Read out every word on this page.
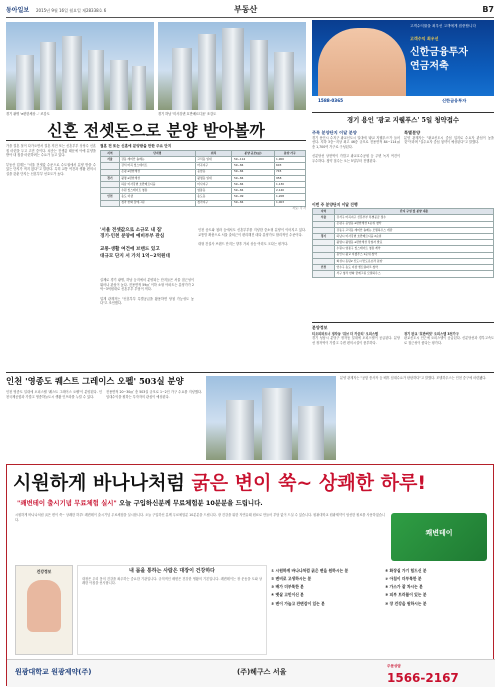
동아일보 2015년 9월 16일 월요일 제28338호 6	부동산	B7
경기 광명 'e편한세상 ..' 조감도	경기 하남 '미사강변 호반베르디움' 조감도
고객수익률을 최우선 고객에게 집중합니다
고객수익 최우선
신한금융투자
연금저축
1588-0365	신한금융투자
신혼 전셋돈으로 분양 받아볼까
가을 결혼 철이 다가오면서 결혼 직전 또는 신혼부부 상당수 신혼집 마련을 두고 고민 중이다. 치솟는 전셋값 때문에 아예 분양을 받아 내 집을 마련하려는 수요가 늘고 있다.

부동산 업계는 "서울 전셋값 수준으로 수도권에서 분양 받을 수 있는 단지가 적지 않다"고 말한다. 특히 교통 여건과 생활 편의시설을 갖춘 단지는 신혼부부 선호도가 높다.
결혼 전 또는 신혼에 분양받을 만한 주요 단지
지역	단지명	위치	분양 규모(㎡)	분양 가구
서울	강동 래미안 솔베뉴	고덕동 일대	59~114	1,900
	강서 마곡 힐스테이트	마곡지구	59~84	603
	은평 e편한세상	응암동	59~84	745
경기	광명 e편한세상	광명동 일대	59~84	958
	하남 미사강변 호반베르디움	미사지구	59~84	1,130
	수원 힐스테이트 영통	영통동	59~84	2,140
인천	송도 더샵	송도동	59~99	1,208
	청라 한화 꿈에그린	청라지구	59~84	1,003
자료: 각 사
'서울 전셋값으로 소규모 내 집'
경기·인천 분양에 예비부부 관심

교통·생활 여건에 브랜드 있고
대규모 단지 서 가치 1억~2억원대
인천 송도와 청라 등에서도 신혼부부를 겨냥한 중소형 분양이 이어지고 있다. 교통망 확충으로 서울 출퇴근이 편리해진 데다 분양가도 합리적인 수준이다.

대형 건설사 브랜드 단지는 향후 가치 상승 여력도 크다는 평가다.
실제로 경기 광명, 하남 등지에서 분양되는 단지들은 서울 접근성이 뛰어나 관심이 높다. 전용면적 59㎡ 이하 소형 아파트는 분양가가 2억~3억원대로 신혼부부 부담이 적다.

업계 관계자는 "신혼부부 특별공급을 활용하면 당첨 가능성도 높다"고 조언했다.
경기 용인 '광교 지웰푸스' 5일 청약접수
주목 분양단지 이달 분양
경기 용인시 수지구 광교신도시 일대에 '광교 지웰푸스'가 들어선다. 지하 3층~지상 최고 46층 규모로 전용면적 84~114㎡ 총 1,700여 가구로 구성된다.

신분당선 상현역이 가깝고 광교호수공원 등 주변 녹지 여건이 우수하다. 청약 접수는 오는 5일부터 진행된다.
특별분양
분양 관계자는 "광교신도시 중심 입지로 수요자 관심이 높을 것"이라며 "실수요자 중심 청약이 예상된다"고 말했다.
이번 주 분양단지 이달 진행
지역	단지 구성 및 분양 내용
서울	강서구 마곡지구 신혼부부 특별공급 접수
	은평구 응암동 e편한세상 1순위 청약
	강동구 고덕동 래미안 솔베뉴 모델하우스 개관
경기	하남시 미사강변 호반베르디움 2순위
	광명시 광명동 e편한세상 당첨자 발표
	수원시 영통구 힐스테이트 영통 계약
	용인시 광교 지웰푸스 1순위 청약
	화성시 동탄2 신도시 반도유보라 분양
인천	연수구 송도 더샵 센트럴파크 청약
	서구 청라 한화 꿈에그린 모델하우스
분양정보
티오피파트너 정자동 '위브 더 카운티' 오피스텔
경기 성남시 분당구 정자동 일대에 오피스텔이 공급된다. 분당선 정자역이 가깝고 주변 편의시설이 풍부하다.
경기 판교 '호반써밋' 오피스텔 3천가구
판교신도시 인근에 오피스텔이 공급된다. 신분당선과 경부고속도로 접근성이 좋다는 평가다.
인천 '영종도 퀘스트 그레이스 오펠' 503실 분양
인천 영종도 일대에 오피스텔 '퀘스트 그레이스 오펠'이 분양된다. 인천국제공항과 가깝고 영종하늘도시 생활 인프라를 누릴 수 있다.
전용면적 20~30㎡ 총 503실 규모로 1~2인 가구 수요를 겨냥했다. 임대수익을 원하는 투자자의 관심이 예상된다.
분양 관계자는 "공항 종사자 등 배후 임대수요가 탄탄하다"고 말했다. 모델하우스는 인천 중구에 마련됐다.
시원하게 바나나처럼 굵은 변이 쑥~ 상쾌한 하루!
"쾌변테이 출시기념 무료체험 실시" 오늘 구입하신분께 무료체험분 10분분을 드립니다.
시원하게 바나나처럼 굵은 변이 쑥~ 상쾌한 하루! 쾌변테이 출시기념 무료체험을 실시합니다. 오늘 구입하신 분께 무료체험분 10분분을 드립니다. 장 건강을 위한 자연유래 원료로 만들어 부담 없이 드실 수 있습니다. 원광대학교 원광제약이 엄선한 원료를 사용하였습니다.
쾌변테이
건강정보	내 몸을 통하는 사람은 대장이 건강하다
대장은 우리 몸의 건강을 좌우하는 중요한 기관입니다. 규칙적인 배변은 건강한 생활의 기본입니다. 쾌변테이는 장 운동을 도와 상쾌한 아침을 선사합니다.
① 시원하게 바나나처럼 굵은 변을 원하시는 분
② 변비로 고생하시는 분
③ 배가 더부룩한 분
④ 뱃살 고민이신 분
⑤ 변이 가늘고 잔변감이 있는 분
⑥ 화장실 가기 힘드신 분
⑦ 아침이 더부룩한 분
⑧ 가스가 잘 차시는 분
⑨ 피부 트러블이 있는 분
⑩ 장 건강을 원하시는 분
원광대학교 원광제약(주)	(주)헤구스 서울
주문상담
1566-2167
